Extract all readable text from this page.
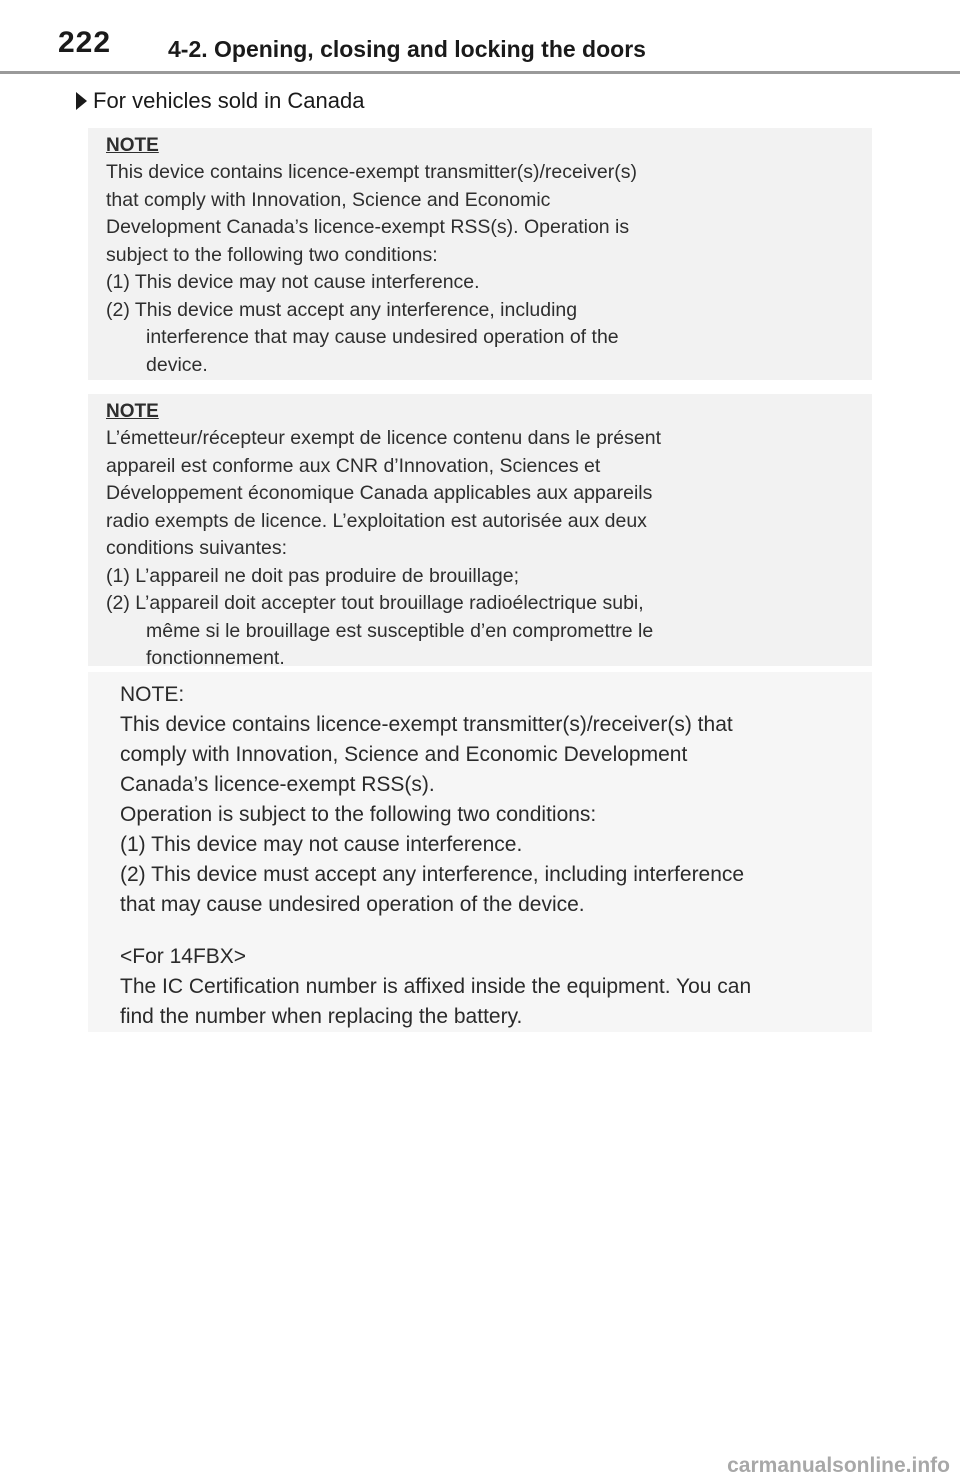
222 4-2. Opening, closing and locking the doors
For vehicles sold in Canada
NOTE
This device contains licence-exempt transmitter(s)/receiver(s)
that comply with Innovation, Science and Economic
Development Canada’s licence-exempt RSS(s). Operation is
subject to the following two conditions:
(1) This device may not cause interference.
(2) This device must accept any interference, including
interference that may cause undesired operation of the
device.
NOTE
L’émetteur/récepteur exempt de licence contenu dans le présent
appareil est conforme aux CNR d’Innovation, Sciences et
Développement économique Canada applicables aux appareils
radio exempts de licence. L’exploitation est autorisée aux deux
conditions suivantes:
(1) L’appareil ne doit pas produire de brouillage;
(2) L’appareil doit accepter tout brouillage radioélectrique subi,
même si le brouillage est susceptible d’en compromettre le
fonctionnement.
NOTE:
This device contains licence-exempt transmitter(s)/receiver(s) that
comply with Innovation, Science and Economic Development
Canada’s licence-exempt RSS(s).
Operation is subject to the following two conditions:
(1) This device may not cause interference.
(2) This device must accept any interference, including interference
that may cause undesired operation of the device.
<For 14FBX>
The IC Certification number is affixed inside the equipment. You can
find the number when replacing the battery.
carmanualsonline.info
